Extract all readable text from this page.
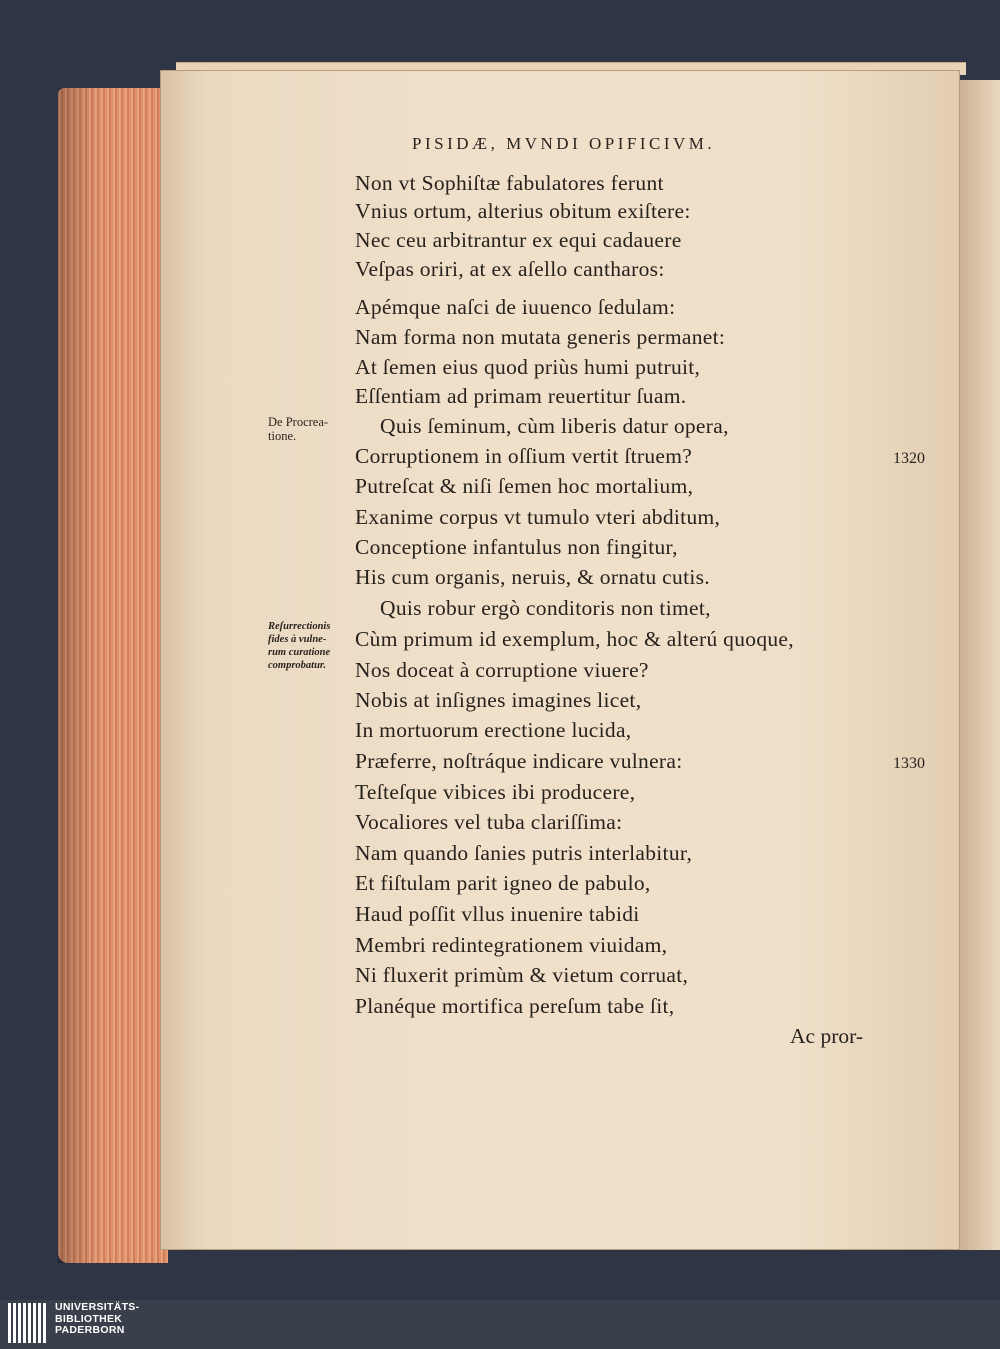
PISIDÆ, MVNDI OPIFICIVM.
Non vt Sophiſtæ fabulatores ferunt
Vnius ortum, alterius obitum exiſtere:
Nec ceu arbitrantur ex equi cadauere
Veſpas oriri, at ex aſello cantharos:
Apémque naſci de iuuenco ſedulam:
Nam forma non mutata generis permanet:
At ſemen eius quod priùs humi putruit,
Eſſentiam ad primam reuertitur ſuam.
Quis ſeminum, cùm liberis datur opera,
Corruptionem in oſſium vertit ſtruem?
Putreſcat & niſi ſemen hoc mortalium,
Exanime corpus vt tumulo vteri abditum,
Conceptione infantulus non fingitur,
His cum organis, neruis, & ornatu cutis.
Quis robur ergò conditoris non timet,
Cùm primum id exemplum, hoc & alterú quoque,
Nos doceat à corruptione viuere?
Nobis at inſignes imagines licet,
In mortuorum erectione lucida,
Præferre, noſtráque indicare vulnera:
Teſteſque vibices ibi producere,
Vocaliores vel tuba clariſſima:
Nam quando ſanies putris interlabitur,
Et fiſtulam parit igneo de pabulo,
Haud poſſit vllus inuenire tabidi
Membri redintegrationem viuidam,
Ni fluxerit primùm & vietum corruat,
Planéque mortifica pereſum tabe ſit,
De Procrea-
tione.
Reſurrectionis
fides à vulne-
rum curatione
comprobatur.
1320
1330
Ac pror-
UNIVERSITÄTS-
BIBLIOTHEK
PADERBORN
